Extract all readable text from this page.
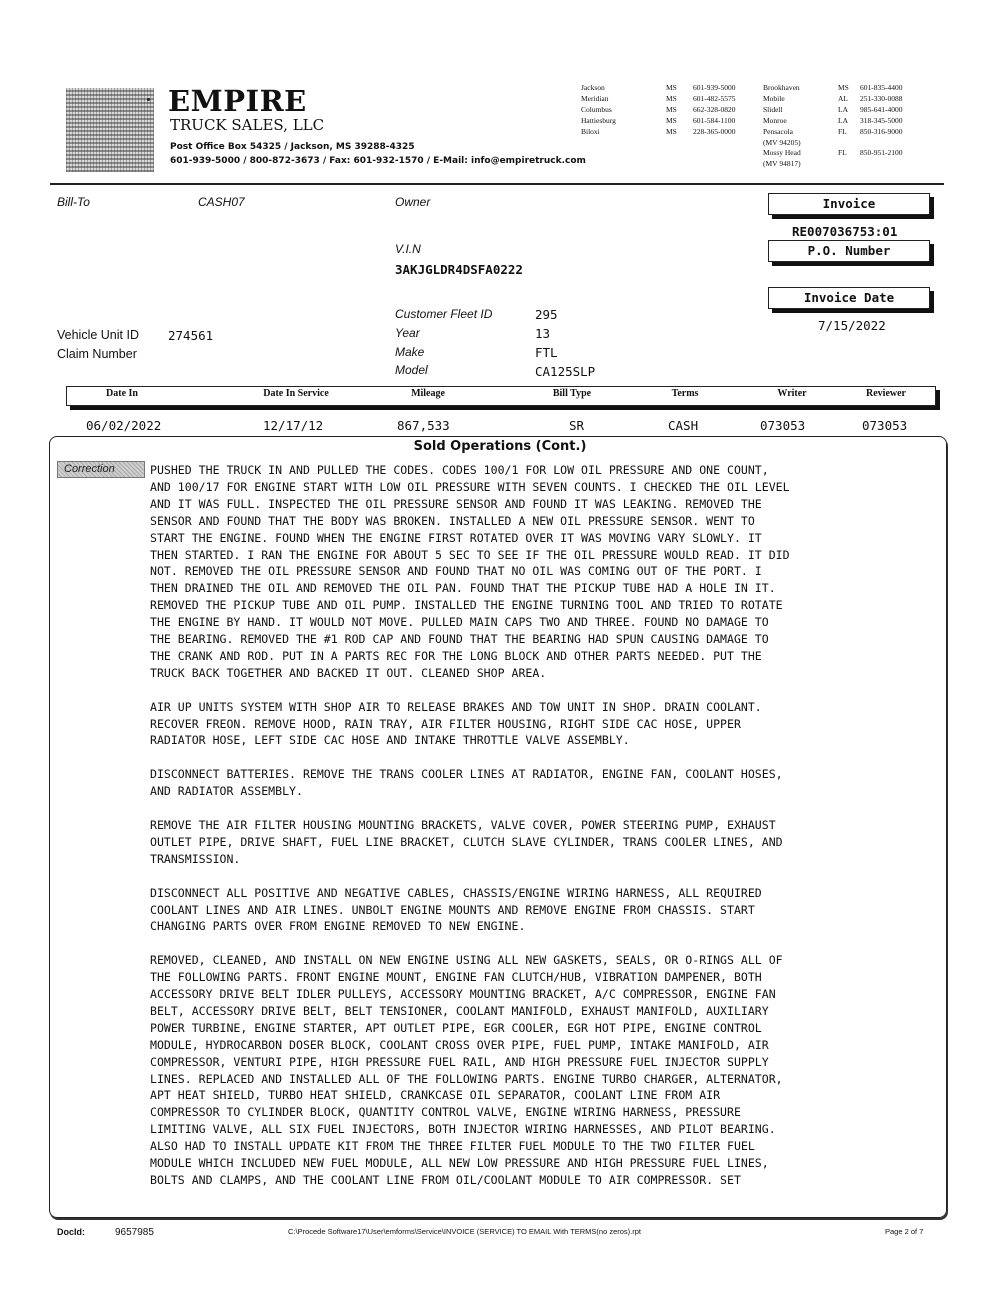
EMPIRE
TRUCK SALES, LLC
Post Office Box 54325 / Jackson, MS 39288-4325
601-939-5000 / 800-872-3673 / Fax: 601-932-1570 / E-Mail: info@empiretruck.com
Jackson	MS 601-939-5000
Meridian	MS 601-482-5575
Columbus	MS 662-328-0820
Hattiesburg	MS 601-584-1100
Biloxi	MS 228-365-0000
Brookhaven	MS 601-835-4400
Mobile	AL 251-330-0088
Slidell	LA 985-641-4000
Monroe	LA 318-345-5000
Pensacola	FL 850-316-9000
(MV 94205)
Mossy Head	FL 850-951-2100
(MV 94817)
Bill-To	CASH07	Owner
V.I.N
3AKJGLDR4DSFA0222
Invoice
RE007036753:01
P.O. Number
Invoice Date
7/15/2022
Customer Fleet ID	295
Year	13
Make	FTL
Model	CA125SLP
Vehicle Unit ID 274561
Claim Number
Date In	Date In Service	Mileage	Bill Type	Terms	Writer	Reviewer
06/02/2022	12/17/12	867,533	SR	CASH	073053	073053
Sold Operations (Cont.)
Correction	PUSHED THE TRUCK IN AND PULLED THE CODES. CODES 100/1 FOR LOW OIL PRESSURE AND ONE COUNT,
AND 100/17 FOR ENGINE START WITH LOW OIL PRESSURE WITH SEVEN COUNTS. I CHECKED THE OIL LEVEL
AND IT WAS FULL. INSPECTED THE OIL PRESSURE SENSOR AND FOUND IT WAS LEAKING. REMOVED THE
SENSOR AND FOUND THAT THE BODY WAS BROKEN. INSTALLED A NEW OIL PRESSURE SENSOR. WENT TO
START THE ENGINE. FOUND WHEN THE ENGINE FIRST ROTATED OVER IT WAS MOVING VARY SLOWLY. IT
THEN STARTED. I RAN THE ENGINE FOR ABOUT 5 SEC TO SEE IF THE OIL PRESSURE WOULD READ. IT DID
NOT. REMOVED THE OIL PRESSURE SENSOR AND FOUND THAT NO OIL WAS COMING OUT OF THE PORT. I
THEN DRAINED THE OIL AND REMOVED THE OIL PAN. FOUND THAT THE PICKUP TUBE HAD A HOLE IN IT.
REMOVED THE PICKUP TUBE AND OIL PUMP. INSTALLED THE ENGINE TURNING TOOL AND TRIED TO ROTATE
THE ENGINE BY HAND. IT WOULD NOT MOVE. PULLED MAIN CAPS TWO AND THREE. FOUND NO DAMAGE TO
THE BEARING. REMOVED THE #1 ROD CAP AND FOUND THAT THE BEARING HAD SPUN CAUSING DAMAGE TO
THE CRANK AND ROD. PUT IN A PARTS REC FOR THE LONG BLOCK AND OTHER PARTS NEEDED. PUT THE
TRUCK BACK TOGETHER AND BACKED IT OUT. CLEANED SHOP AREA.

AIR UP UNITS SYSTEM WITH SHOP AIR TO RELEASE BRAKES AND TOW UNIT IN SHOP. DRAIN COOLANT.
RECOVER FREON. REMOVE HOOD, RAIN TRAY, AIR FILTER HOUSING, RIGHT SIDE CAC HOSE, UPPER
RADIATOR HOSE, LEFT SIDE CAC HOSE AND INTAKE THROTTLE VALVE ASSEMBLY.

DISCONNECT BATTERIES. REMOVE THE TRANS COOLER LINES AT RADIATOR, ENGINE FAN, COOLANT HOSES,
AND RADIATOR ASSEMBLY.

REMOVE THE AIR FILTER HOUSING MOUNTING BRACKETS, VALVE COVER, POWER STEERING PUMP, EXHAUST
OUTLET PIPE, DRIVE SHAFT, FUEL LINE BRACKET, CLUTCH SLAVE CYLINDER, TRANS COOLER LINES, AND
TRANSMISSION.

DISCONNECT ALL POSITIVE AND NEGATIVE CABLES, CHASSIS/ENGINE WIRING HARNESS, ALL REQUIRED
COOLANT LINES AND AIR LINES. UNBOLT ENGINE MOUNTS AND REMOVE ENGINE FROM CHASSIS. START
CHANGING PARTS OVER FROM ENGINE REMOVED TO NEW ENGINE.

REMOVED, CLEANED, AND INSTALL ON NEW ENGINE USING ALL NEW GASKETS, SEALS, OR O-RINGS ALL OF
THE FOLLOWING PARTS. FRONT ENGINE MOUNT, ENGINE FAN CLUTCH/HUB, VIBRATION DAMPENER, BOTH
ACCESSORY DRIVE BELT IDLER PULLEYS, ACCESSORY MOUNTING BRACKET, A/C COMPRESSOR, ENGINE FAN
BELT, ACCESSORY DRIVE BELT, BELT TENSIONER, COOLANT MANIFOLD, EXHAUST MANIFOLD, AUXILIARY
POWER TURBINE, ENGINE STARTER, APT OUTLET PIPE, EGR COOLER, EGR HOT PIPE, ENGINE CONTROL
MODULE, HYDROCARBON DOSER BLOCK, COOLANT CROSS OVER PIPE, FUEL PUMP, INTAKE MANIFOLD, AIR
COMPRESSOR, VENTURI PIPE, HIGH PRESSURE FUEL RAIL, AND HIGH PRESSURE FUEL INJECTOR SUPPLY
LINES. REPLACED AND INSTALLED ALL OF THE FOLLOWING PARTS. ENGINE TURBO CHARGER, ALTERNATOR,
APT HEAT SHIELD, TURBO HEAT SHIELD, CRANKCASE OIL SEPARATOR, COOLANT LINE FROM AIR
COMPRESSOR TO CYLINDER BLOCK, QUANTITY CONTROL VALVE, ENGINE WIRING HARNESS, PRESSURE
LIMITING VALVE, ALL SIX FUEL INJECTORS, BOTH INJECTOR WIRING HARNESSES, AND PILOT BEARING.
ALSO HAD TO INSTALL UPDATE KIT FROM THE THREE FILTER FUEL MODULE TO THE TWO FILTER FUEL
MODULE WHICH INCLUDED NEW FUEL MODULE, ALL NEW LOW PRESSURE AND HIGH PRESSURE FUEL LINES,
BOLTS AND CLAMPS, AND THE COOLANT LINE FROM OIL/COOLANT MODULE TO AIR COMPRESSOR. SET

DocId:	9657985	C:\Procede Software17\User\emforms\Service\INVOICE (SERVICE) TO EMAIL With TERMS(no zeros).rpt	Page 2 of 7
